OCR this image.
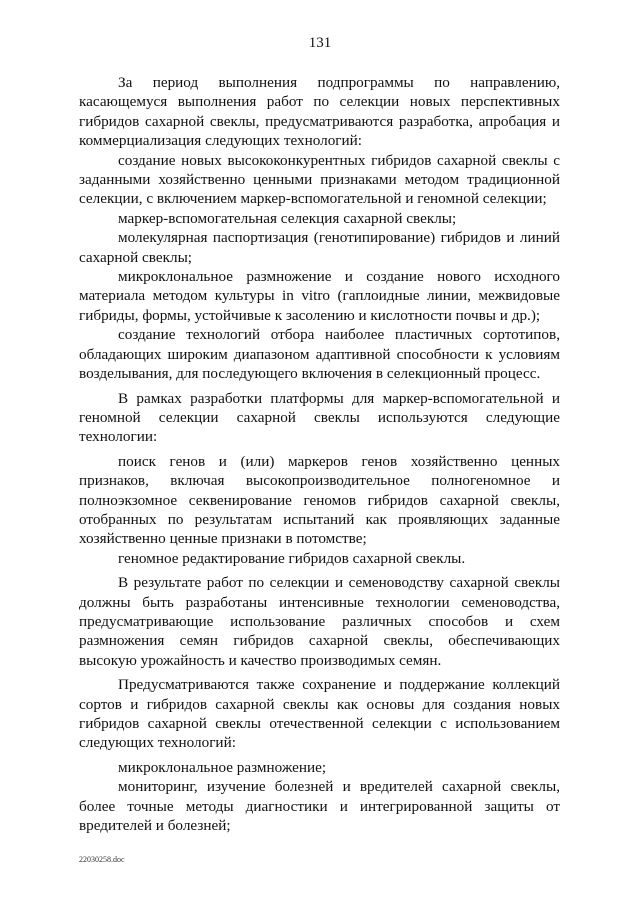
131

За период выполнения подпрограммы по направлению, касающемуся выполнения работ по селекции новых перспективных гибридов сахарной свеклы, предусматриваются разработка, апробация и коммерциализация следующих технологий:

создание новых высококонкурентных гибридов сахарной свеклы с заданными хозяйственно ценными признаками методом традиционной селекции, с включением маркер-вспомогательной и геномной селекции;

маркер-вспомогательная селекция сахарной свеклы;

молекулярная паспортизация (генотипирование) гибридов и линий сахарной свеклы;

микроклональное размножение и создание нового исходного материала методом культуры in vitro (гаплоидные линии, межвидовые гибриды, формы, устойчивые к засолению и кислотности почвы и др.);

создание технологий отбора наиболее пластичных сортотипов, обладающих широким диапазоном адаптивной способности к условиям возделывания, для последующего включения в селекционный процесс.

В рамках разработки платформы для маркер-вспомогательной и геномной селекции сахарной свеклы используются следующие технологии:

поиск генов и (или) маркеров генов хозяйственно ценных признаков, включая высокопроизводительное полногеномное и полноэкзомное секвенирование геномов гибридов сахарной свеклы, отобранных по результатам испытаний как проявляющих заданные хозяйственно ценные признаки в потомстве;

геномное редактирование гибридов сахарной свеклы.

В результате работ по селекции и семеноводству сахарной свеклы должны быть разработаны интенсивные технологии семеноводства, предусматривающие использование различных способов и схем размножения семян гибридов сахарной свеклы, обеспечивающих высокую урожайность и качество производимых семян.

Предусматриваются также сохранение и поддержание коллекций сортов и гибридов сахарной свеклы как основы для создания новых гибридов сахарной свеклы отечественной селекции с использованием следующих технологий:

микроклональное размножение;

мониторинг, изучение болезней и вредителей сахарной свеклы, более точные методы диагностики и интегрированной защиты от вредителей и болезней;

22030258.doc
